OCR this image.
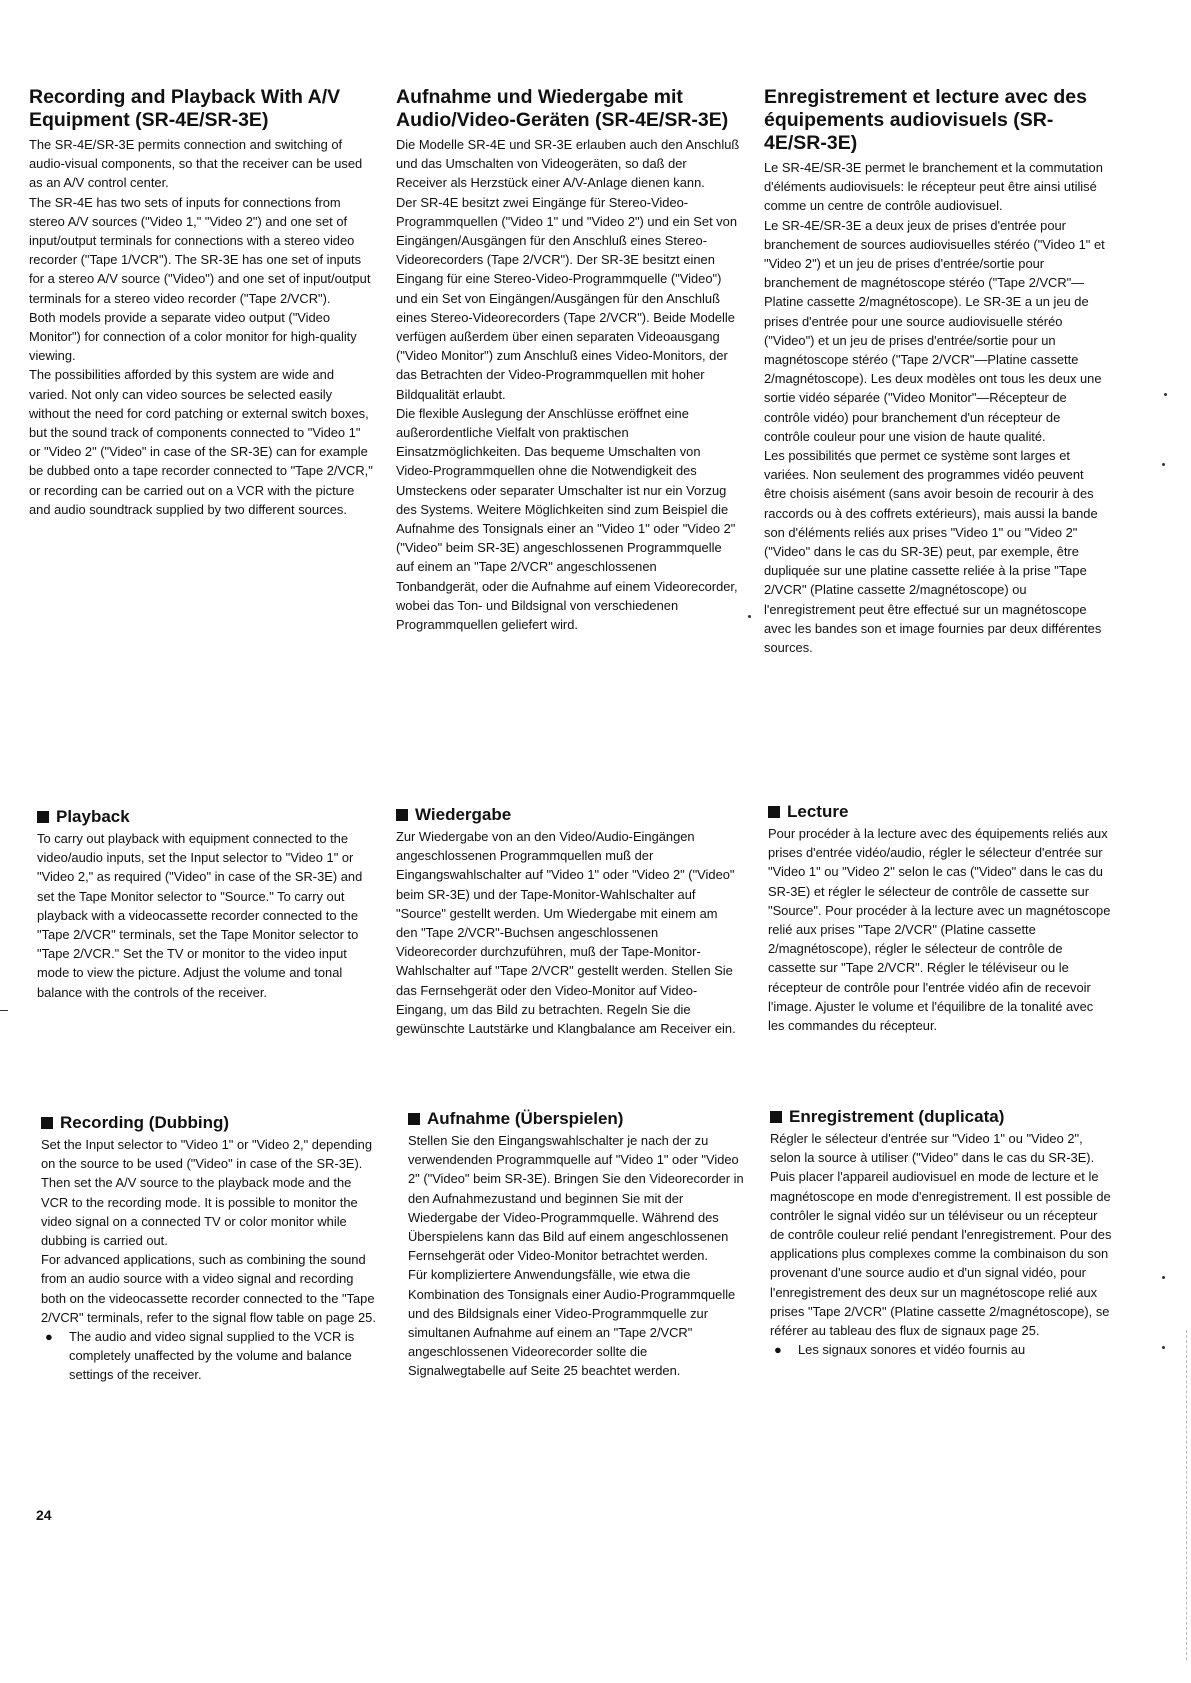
Recording and Playback With A/V Equipment (SR-4E/SR-3E)

The SR-4E/SR-3E permits connection and switching of audio-visual components, so that the receiver can be used as an A/V control center.

The SR-4E has two sets of inputs for connections from stereo A/V sources ("Video 1," "Video 2") and one set of input/output terminals for connections with a stereo video recorder ("Tape 1/VCR"). The SR-3E has one set of inputs for a stereo A/V source ("Video") and one set of input/output terminals for a stereo video recorder ("Tape 2/VCR").

Both models provide a separate video output ("Video Monitor") for connection of a color monitor for high-quality viewing.

The possibilities afforded by this system are wide and varied. Not only can video sources be selected easily without the need for cord patching or external switch boxes, but the sound track of components connected to "Video 1" or "Video 2" ("Video" in case of the SR-3E) can for example be dubbed onto a tape recorder connected to "Tape 2/VCR," or recording can be carried out on a VCR with the picture and audio soundtrack supplied by two different sources.

Playback

To carry out playback with equipment connected to the video/audio inputs, set the Input selector to "Video 1" or "Video 2," as required ("Video" in case of the SR-3E) and set the Tape Monitor selector to "Source." To carry out playback with a videocassette recorder connected to the "Tape 2/VCR" terminals, set the Tape Monitor selector to "Tape 2/VCR." Set the TV or monitor to the video input mode to view the picture. Adjust the volume and tonal balance with the controls of the receiver.

Recording (Dubbing)

Set the Input selector to "Video 1" or "Video 2," depending on the source to be used ("Video" in case of the SR-3E). Then set the A/V source to the playback mode and the VCR to the recording mode. It is possible to monitor the video signal on a connected TV or color monitor while dubbing is carried out.

For advanced applications, such as combining the sound from an audio source with a video signal and recording both on the videocassette recorder connected to the "Tape 2/VCR" terminals, refer to the signal flow table on page 25.

●	The audio and video signal supplied to the VCR is completely unaffected by the volume and balance settings of the receiver.
Aufnahme und Wiedergabe mit Audio/Video-Geräten (SR-4E/SR-3E)

Die Modelle SR-4E und SR-3E erlauben auch den Anschluß und das Umschalten von Videogeräten, so daß der Receiver als Herzstück einer A/V-Anlage dienen kann.

Der SR-4E besitzt zwei Eingänge für Stereo-Video-Programmquellen ("Video 1" und "Video 2") und ein Set von Eingängen/Ausgängen für den Anschluß eines Stereo-Videorecorders (Tape 2/VCR"). Der SR-3E besitzt einen Eingang für eine Stereo-Video-Programmquelle ("Video") und ein Set von Eingängen/Ausgängen für den Anschluß eines Stereo-Videorecorders (Tape 2/VCR"). Beide Modelle verfügen außerdem über einen separaten Videoausgang ("Video Monitor") zum Anschluß eines Video-Monitors, der das Betrachten der Video-Programmquellen mit hoher Bildqualität erlaubt.

Die flexible Auslegung der Anschlüsse eröffnet eine außerordentliche Vielfalt von praktischen Einsatzmöglichkeiten. Das bequeme Umschalten von Video-Programmquellen ohne die Notwendigkeit des Umsteckens oder separater Umschalter ist nur ein Vorzug des Systems. Weitere Möglichkeiten sind zum Beispiel die Aufnahme des Tonsignals einer an "Video 1" oder "Video 2" ("Video" beim SR-3E) angeschlossenen Programmquelle auf einem an "Tape 2/VCR" angeschlossenen Tonbandgerät, oder die Aufnahme auf einem Videorecorder, wobei das Ton- und Bildsignal von verschiedenen Programmquellen geliefert wird.

Wiedergabe

Zur Wiedergabe von an den Video/Audio-Eingängen angeschlossenen Programmquellen muß der Eingangswahlschalter auf "Video 1" oder "Video 2" ("Video" beim SR-3E) und der Tape-Monitor-Wahlschalter auf "Source" gestellt werden. Um Wiedergabe mit einem am den "Tape 2/VCR"-Buchsen angeschlossenen Videorecorder durchzuführen, muß der Tape-Monitor-Wahlschalter auf "Tape 2/VCR" gestellt werden. Stellen Sie das Fernsehgerät oder den Video-Monitor auf Video-Eingang, um das Bild zu betrachten. Regeln Sie die gewünschte Lautstärke und Klangbalance am Receiver ein.

Aufnahme (Überspielen)

Stellen Sie den Eingangswahlschalter je nach der zu verwendenden Programmquelle auf "Video 1" oder "Video 2" ("Video" beim SR-3E). Bringen Sie den Videorecorder in den Aufnahmezustand und beginnen Sie mit der Wiedergabe der Video-Programmquelle. Während des Überspielens kann das Bild auf einem angeschlossenen Fernsehgerät oder Video-Monitor betrachtet werden.

Für kompliziertere Anwendungsfälle, wie etwa die Kombination des Tonsignals einer Audio-Programmquelle und des Bildsignals einer Video-Programmquelle zur simultanen Aufnahme auf einem an "Tape 2/VCR" angeschlossenen Videorecorder sollte die Signalwegtabelle auf Seite 25 beachtet werden.

Enregistrement et lecture avec des équipements audiovisuels (SR-4E/SR-3E)

Le SR-4E/SR-3E permet le branchement et la commutation d'éléments audiovisuels: le récepteur peut être ainsi utilisé comme un centre de contrôle audiovisuel.

Le SR-4E/SR-3E a deux jeux de prises d'entrée pour branchement de sources audiovisuelles stéréo ("Video 1" et "Video 2") et un jeu de prises d'entrée/sortie pour branchement de magnétoscope stéréo ("Tape 2/VCR"—Platine cassette 2/magnétoscope). Le SR-3E a un jeu de prises d'entrée pour une source audiovisuelle stéréo ("Video") et un jeu de prises d'entrée/sortie pour un magnétoscope stéréo ("Tape 2/VCR"—Platine cassette 2/magnétoscope). Les deux modèles ont tous les deux une sortie vidéo séparée ("Video Monitor"—Récepteur de contrôle vidéo) pour branchement d'un récepteur de contrôle couleur pour une vision de haute qualité.

Les possibilités que permet ce système sont larges et variées. Non seulement des programmes vidéo peuvent être choisis aisément (sans avoir besoin de recourir à des raccords ou à des coffrets extérieurs), mais aussi la bande son d'éléments reliés aux prises "Video 1" ou "Video 2" ("Video" dans le cas du SR-3E) peut, par exemple, être dupliquée sur une platine cassette reliée à la prise "Tape 2/VCR" (Platine cassette 2/magnétoscope) ou l'enregistrement peut être effectué sur un magnétoscope avec les bandes son et image fournies par deux différentes sources.

Lecture

Pour procéder à la lecture avec des équipements reliés aux prises d'entrée vidéo/audio, régler le sélecteur d'entrée sur "Video 1" ou "Video 2" selon le cas ("Video" dans le cas du SR-3E) et régler le sélecteur de contrôle de cassette sur "Source". Pour procéder à la lecture avec un magnétoscope relié aux prises "Tape 2/VCR" (Platine cassette 2/magnétoscope), régler le sélecteur de contrôle de cassette sur "Tape 2/VCR". Régler le téléviseur ou le récepteur de contrôle pour l'entrée vidéo afin de recevoir l'image. Ajuster le volume et l'équilibre de la tonalité avec les commandes du récepteur.

Enregistrement (duplicata)

Régler le sélecteur d'entrée sur "Video 1" ou "Video 2", selon la source à utiliser ("Video" dans le cas du SR-3E). Puis placer l'appareil audiovisuel en mode de lecture et le magnétoscope en mode d'enregistrement. Il est possible de contrôler le signal vidéo sur un téléviseur ou un récepteur de contrôle couleur relié pendant l'enregistrement. Pour des applications plus complexes comme la combinaison du son provenant d'une source audio et d'un signal vidéo, pour l'enregistrement des deux sur un magnétoscope relié aux prises "Tape 2/VCR" (Platine cassette 2/magnétoscope), se référer au tableau des flux de signaux page 25.

●	Les signaux sonores et vidéo fournis au
24
